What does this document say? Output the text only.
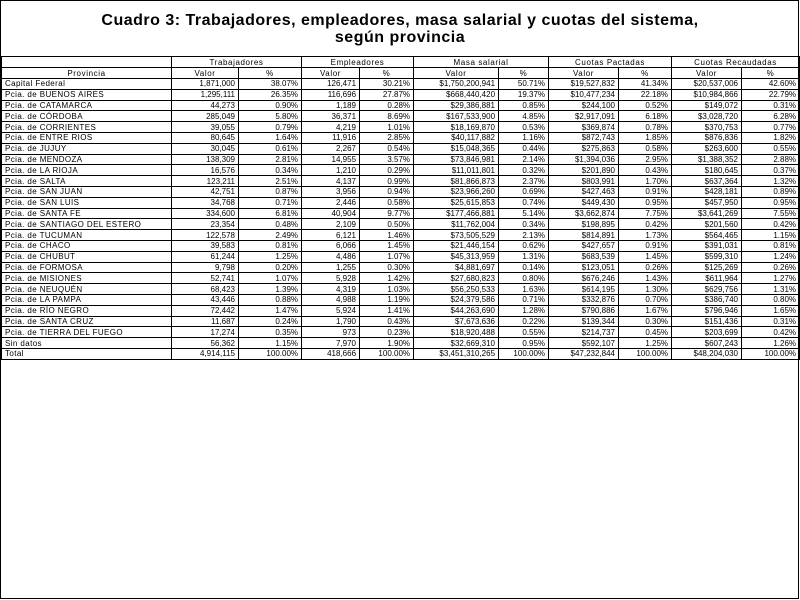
Cuadro 3: Trabajadores, empleadores, masa salarial y cuotas del sistema,
según provincia
	Trabajadores		Empleadores		Masa salarial		Cuotas Pactadas		Cuotas Recaudadas	
Provincia	Valor	%	Valor	%	Valor	%	Valor	%	Valor	%
Capital Federal	1,871,000	38.07%	126,471	30.21%	$1,750,200,941	50.71%	$19,527,832	41.34%	$20,537,006	42.60%
Pcia. de BUENOS AIRES	1,295,111	26.35%	116,696	27.87%	$668,440,420	19.37%	$10,477,234	22.18%	$10,984,866	22.79%
Pcia. de CATAMARCA	44,273	0.90%	1,189	0.28%	$29,386,881	0.85%	$244,100	0.52%	$149,072	0.31%
Pcia. de CÓRDOBA	285,049	5.80%	36,371	8.69%	$167,533,900	4.85%	$2,917,091	6.18%	$3,028,720	6.28%
Pcia. de CORRIENTES	39,055	0.79%	4,219	1.01%	$18,169,870	0.53%	$369,874	0.78%	$370,753	0.77%
Pcia. de ENTRE RIOS	80,645	1.64%	11,916	2.85%	$40,117,882	1.16%	$872,743	1.85%	$876,836	1.82%
Pcia. de JUJUY	30,045	0.61%	2,267	0.54%	$15,048,365	0.44%	$275,863	0.58%	$263,600	0.55%
Pcia. de MENDOZA	138,309	2.81%	14,955	3.57%	$73,846,981	2.14%	$1,394,036	2.95%	$1,388,352	2.88%
Pcia. de LA RIOJA	16,576	0.34%	1,210	0.29%	$11,011,801	0.32%	$201,890	0.43%	$180,645	0.37%
Pcia. de SALTA	123,211	2.51%	4,137	0.99%	$81,866,873	2.37%	$803,991	1.70%	$637,364	1.32%
Pcia. de SAN JUAN	42,751	0.87%	3,956	0.94%	$23,966,260	0.69%	$427,463	0.91%	$428,181	0.89%
Pcia. de SAN LUIS	34,768	0.71%	2,446	0.58%	$25,615,853	0.74%	$449,430	0.95%	$457,950	0.95%
Pcia. de SANTA FE	334,600	6.81%	40,904	9.77%	$177,466,881	5.14%	$3,662,874	7.75%	$3,641,269	7.55%
Pcia. de SANTIAGO DEL ESTERO	23,354	0.48%	2,109	0.50%	$11,762,004	0.34%	$198,895	0.42%	$201,560	0.42%
Pcia. de TUCUMAN	122,578	2.49%	6,121	1.46%	$73,505,529	2.13%	$814,891	1.73%	$564,465	1.15%
Pcia. de CHACO	39,583	0.81%	6,066	1.45%	$21,446,154	0.62%	$427,657	0.91%	$391,031	0.81%
Pcia. de CHUBUT	61,244	1.25%	4,486	1.07%	$45,313,959	1.31%	$683,539	1.45%	$599,310	1.24%
Pcia. de FORMOSA	9,798	0.20%	1,255	0.30%	$4,881,697	0.14%	$123,051	0.26%	$125,269	0.26%
Pcia. de MISIONES	52,741	1.07%	5,928	1.42%	$27,680,823	0.80%	$676,246	1.43%	$611,964	1.27%
Pcia. de NEUQUÉN	68,423	1.39%	4,319	1.03%	$56,250,533	1.63%	$614,195	1.30%	$629,756	1.31%
Pcia. de LA PAMPA	43,446	0.88%	4,988	1.19%	$24,379,586	0.71%	$332,876	0.70%	$386,740	0.80%
Pcia. de RÍO NEGRO	72,442	1.47%	5,924	1.41%	$44,263,690	1.28%	$790,886	1.67%	$796,946	1.65%
Pcia. de SANTA CRUZ	11,687	0.24%	1,790	0.43%	$7,673,636	0.22%	$139,344	0.30%	$151,436	0.31%
Pcia. de TIERRA DEL FUEGO	17,274	0.35%	973	0.23%	$18,920,488	0.55%	$214,737	0.45%	$203,699	0.42%
Sin datos	56,362	1.15%	7,970	1.90%	$32,669,310	0.95%	$592,107	1.25%	$607,243	1.26%
Total	4,914,115	100.00%	418,666	100.00%	$3,451,310,265	100.00%	$47,232,844	100.00%	$48,204,030	100.00%
